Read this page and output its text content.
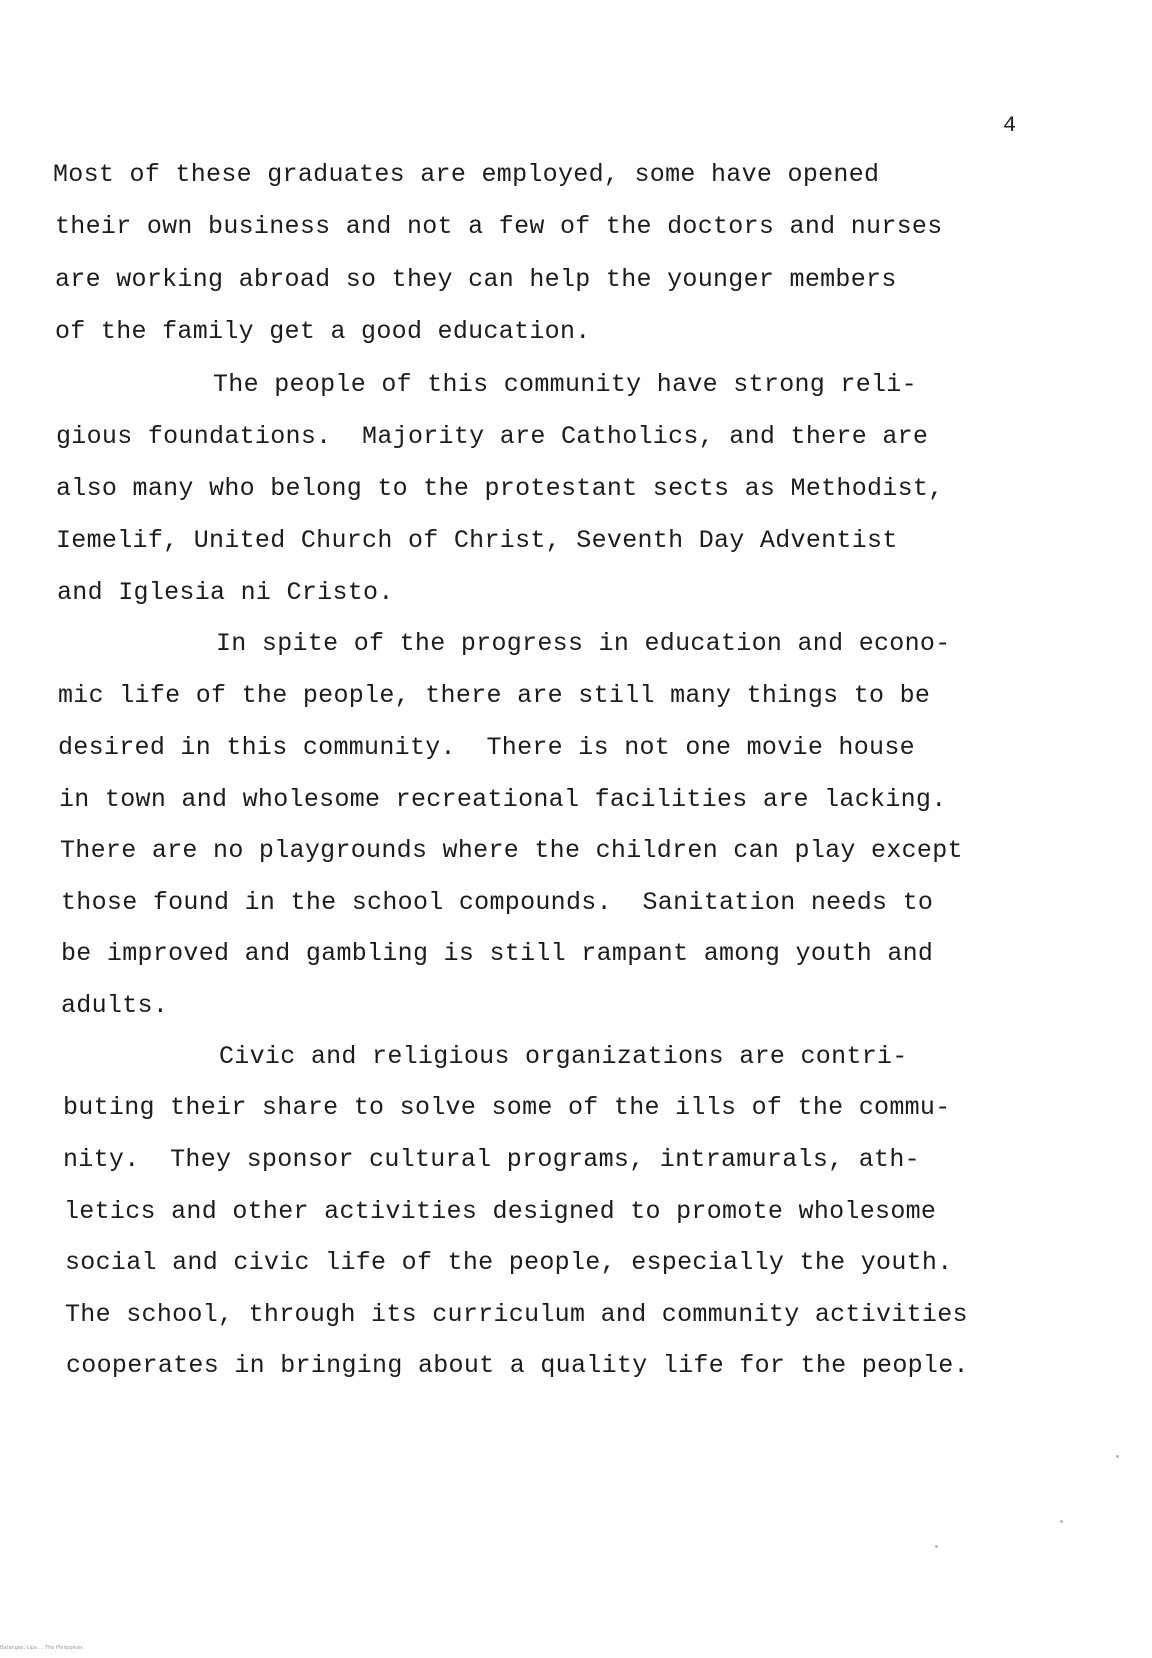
4
Most of these graduates are employed, some have opened
their own business and not a few of the doctors and nurses
are working abroad so they can help the younger members
of the family get a good education.
The people of this community have strong reli-
gious foundations.  Majority are Catholics, and there are
also many who belong to the protestant sects as Methodist,
Iemelif, United Church of Christ, Seventh Day Adventist
and Iglesia ni Cristo.
In spite of the progress in education and econo-
mic life of the people, there are still many things to be
desired in this community.  There is not one movie house
in town and wholesome recreational facilities are lacking.
There are no playgrounds where the children can play except
those found in the school compounds.  Sanitation needs to
be improved and gambling is still rampant among youth and
adults.
Civic and religious organizations are contri-
buting their share to solve some of the ills of the commu-
nity.  They sponsor cultural programs, intramurals, ath-
letics and other activities designed to promote wholesome
social and civic life of the people, especially the youth.
The school, through its curriculum and community activities
cooperates in bringing about a quality life for the people.
Batangas, Lipa ... The Philippines
